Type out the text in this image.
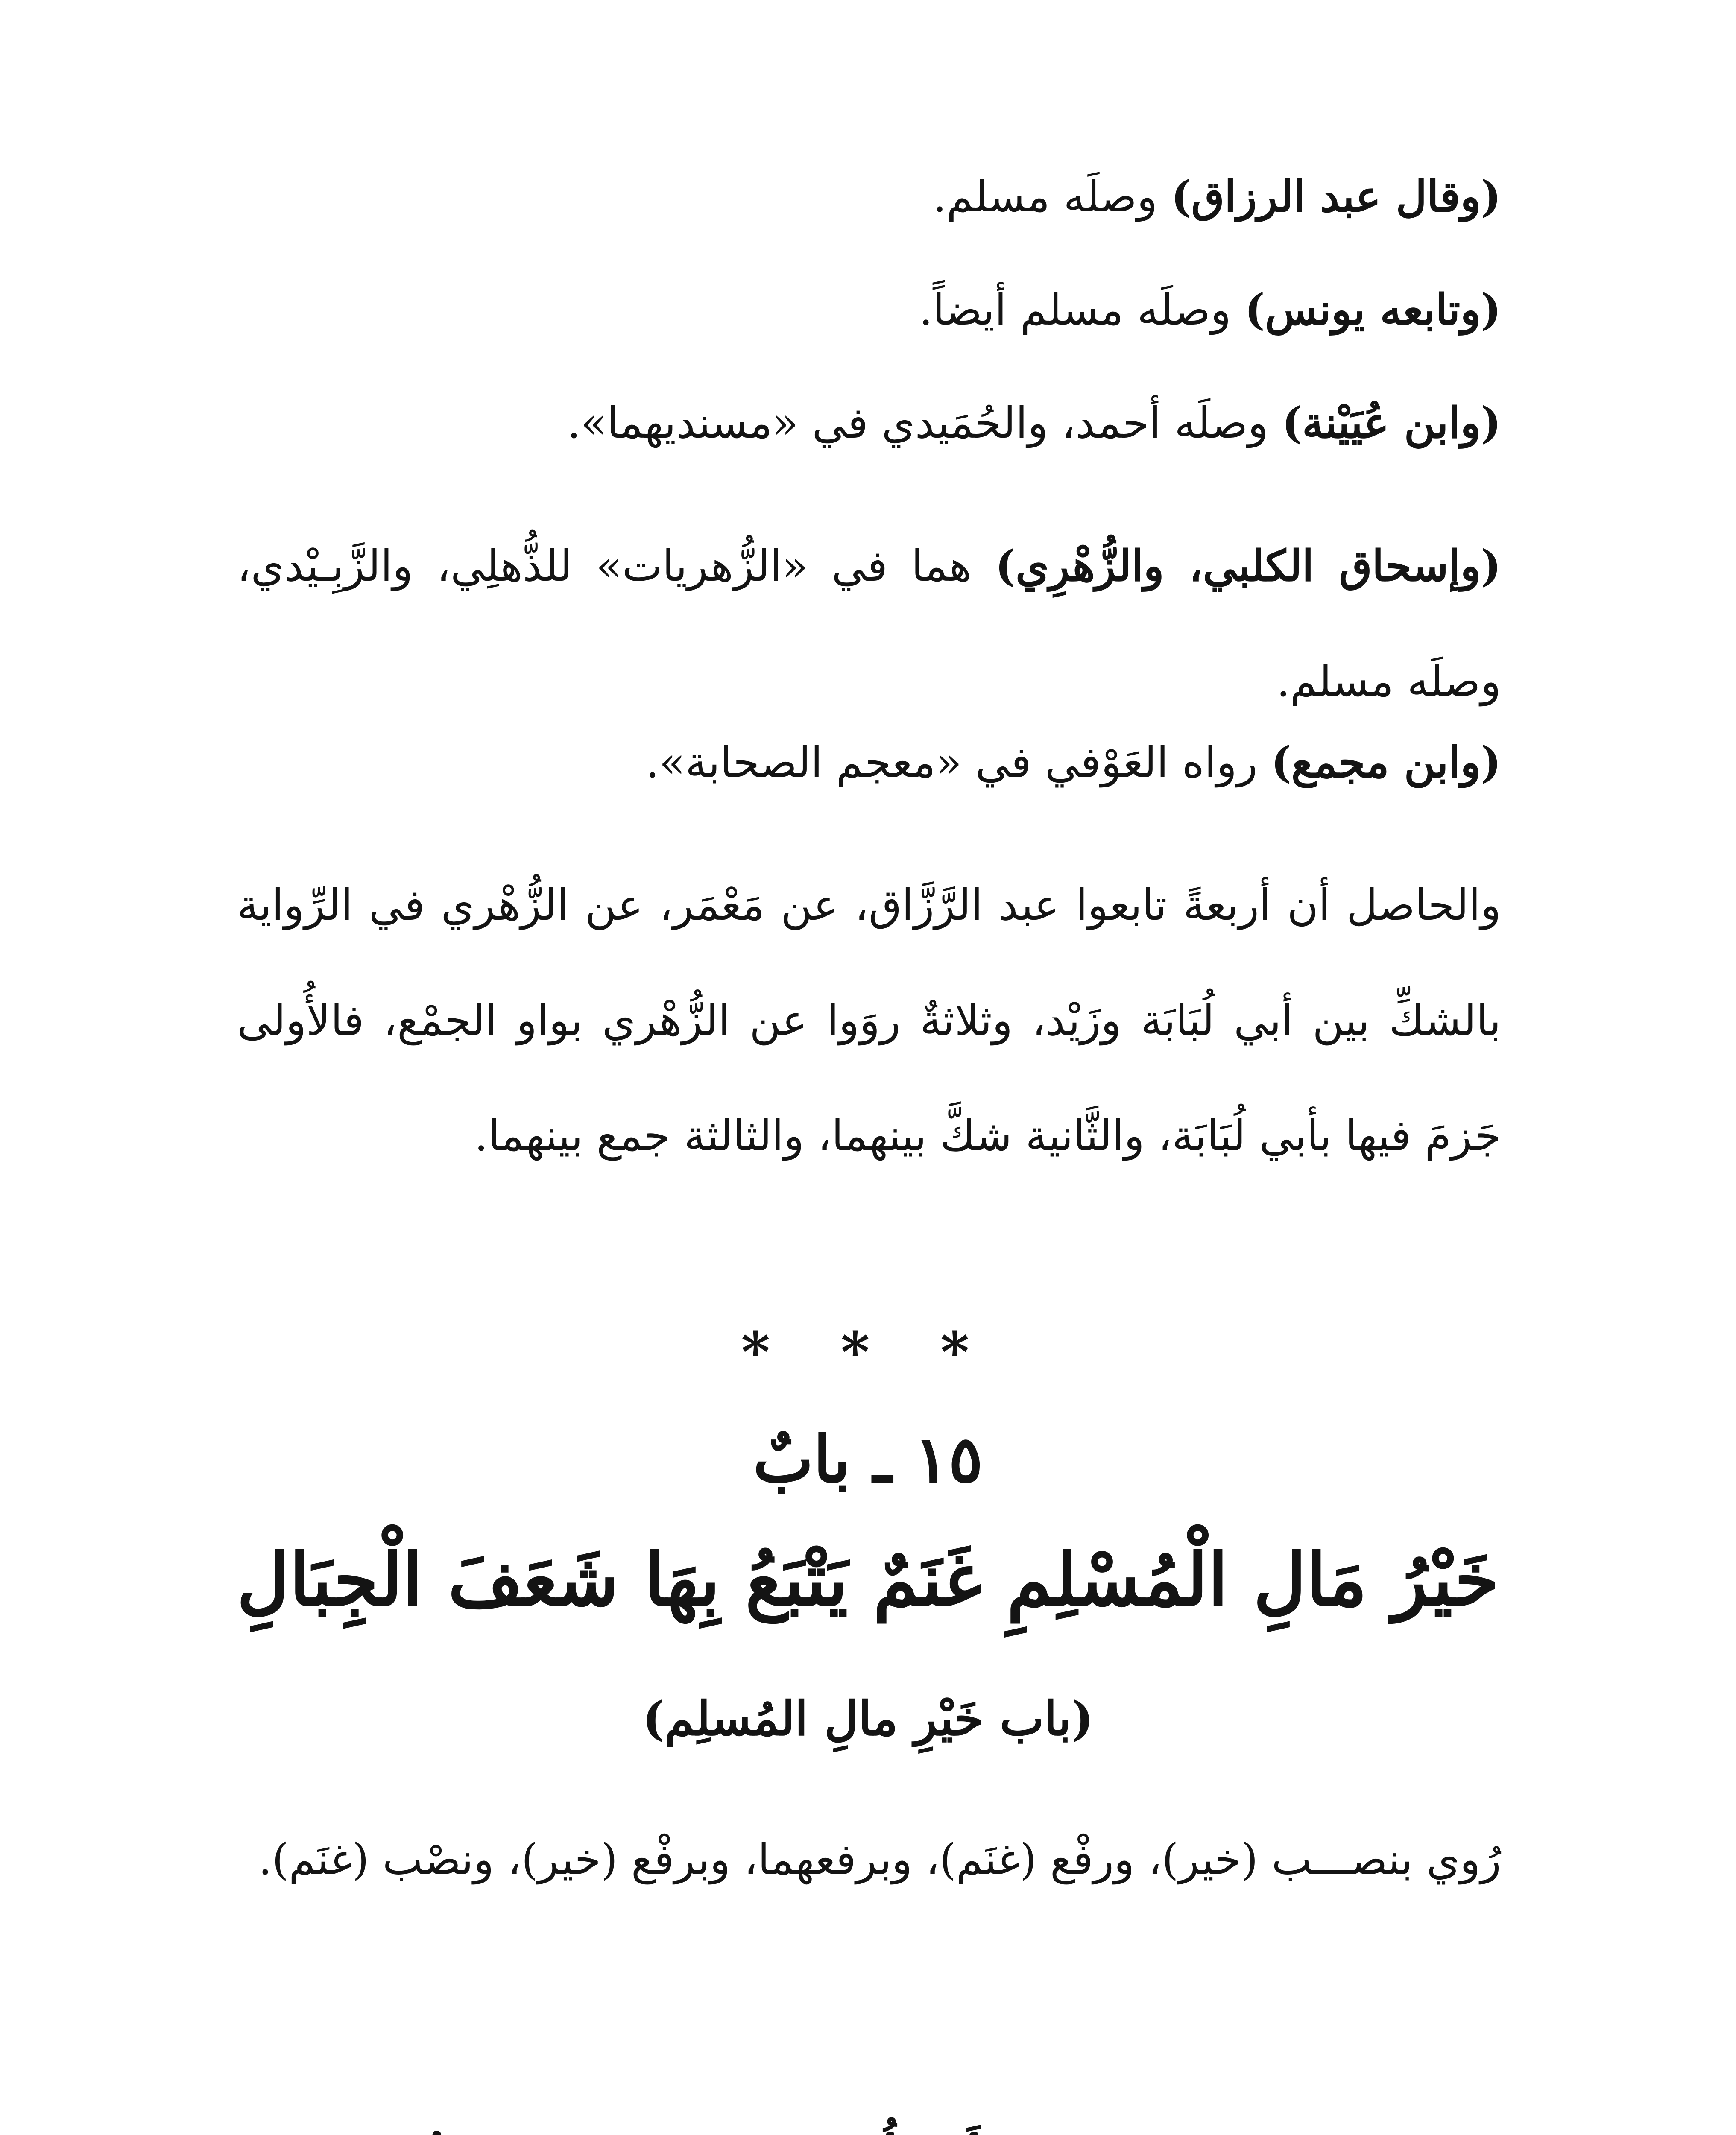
(وقال عبد الرزاق) وصلَه مسلم.
(وتابعه يونس) وصلَه مسلم أيضاً.
(وابن عُيَيْنة) وصلَه أحمد، والحُمَيدي في «مسنديهما».
(وإسحاق الكلبي، والزُّهْرِي) هما في «الزُّهريات» للذُّهلِي، والزَّبِـيْدي، وصلَه مسلم.
(وابن مجمع) رواه العَوْفي في «معجم الصحابة».
والحاصل أن أربعةً تابعوا عبد الرَّزَّاق، عن مَعْمَر، عن الزُّهْري في الرِّواية بالشكِّ بين أبي لُبَابَة وزَيْد، وثلاثةٌ روَوا عن الزُّهْري بواو الجمْع، فالأُولى جَزمَ فيها بأبي لُبَابَة، والثَّانية شكَّ بينهما، والثالثة جمع بينهما.
* * *
١٥ ـ بابٌ
خَيْرُ مَالِ الْمُسْلِمِ غَنَمٌ يَتْبَعُ بِهَا شَعَفَ الْجِبَالِ
(باب خَيْرِ مالِ المُسلِم)
رُوي بنصـــب (خير)، ورفْع (غنَم)، وبرفعهما، وبرفْع (خير)، ونصْب (غنَم).
